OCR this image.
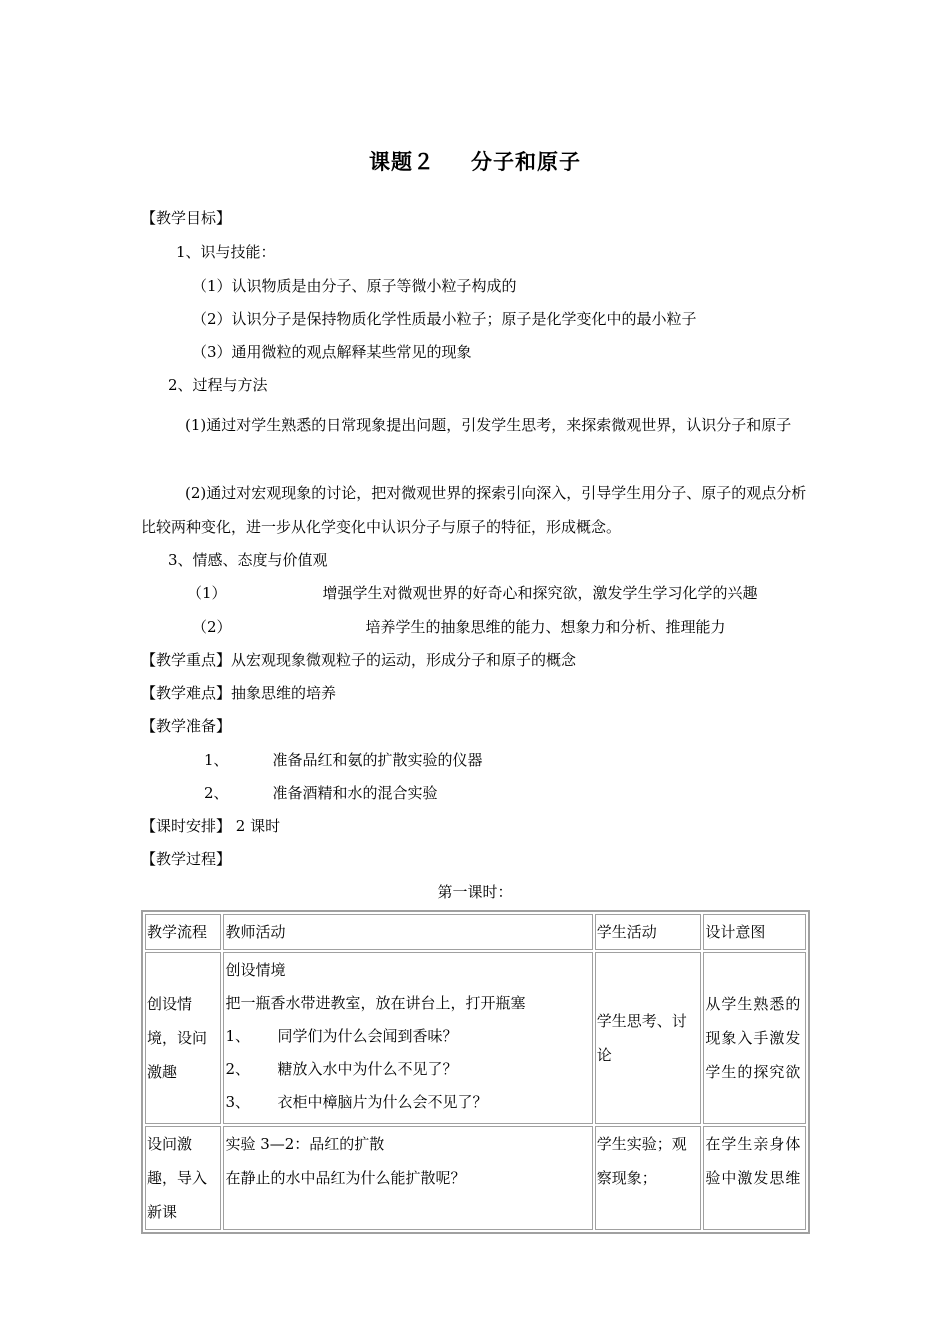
课题２ 分子和原子
【教学目标】
1、识与技能：
（1）认识物质是由分子、原子等微小粒子构成的
（2）认识分子是保持物质化学性质最小粒子；原子是化学变化中的最小粒子
（3）通用微粒的观点解释某些常见的现象
2、过程与方法
(1)通过对学生熟悉的日常现象提出问题，引发学生思考，来探索微观世界，认识分子和原子
(2)通过对宏观现象的讨论，把对微观世界的探索引向深入，引导学生用分子、原子的观点分析比较两种变化，进一步从化学变化中认识分子与原子的特征，形成概念。
3、情感、态度与价值观
（1）	增强学生对微观世界的好奇心和探究欲，激发学生学习化学的兴趣
（2）	培养学生的抽象思维的能力、想象力和分析、推理能力
【教学重点】从宏观现象微观粒子的运动，形成分子和原子的概念
【教学难点】抽象思维的培养
【教学准备】
1、	准备品红和氨的扩散实验的仪器
2、	准备酒精和水的混合实验
【课时安排】 2 课时
【教学过程】
第一课时：
教学流程	教师活动	学生活动	设计意图
创设情境，设问激趣	创设情境
把一瓶香水带进教室，放在讲台上，打开瓶塞
1、 同学们为什么会闻到香味？
2、 糖放入水中为什么不见了？
3、 衣柜中樟脑片为什么会不见了？	学生思考、讨论	从学生熟悉的现象入手激发学生的探究欲
设问激趣，导入新课	实验 3—2：品红的扩散
在静止的水中品红为什么能扩散呢？	学生实验；观察现象；	在学生亲身体验中激发思维
